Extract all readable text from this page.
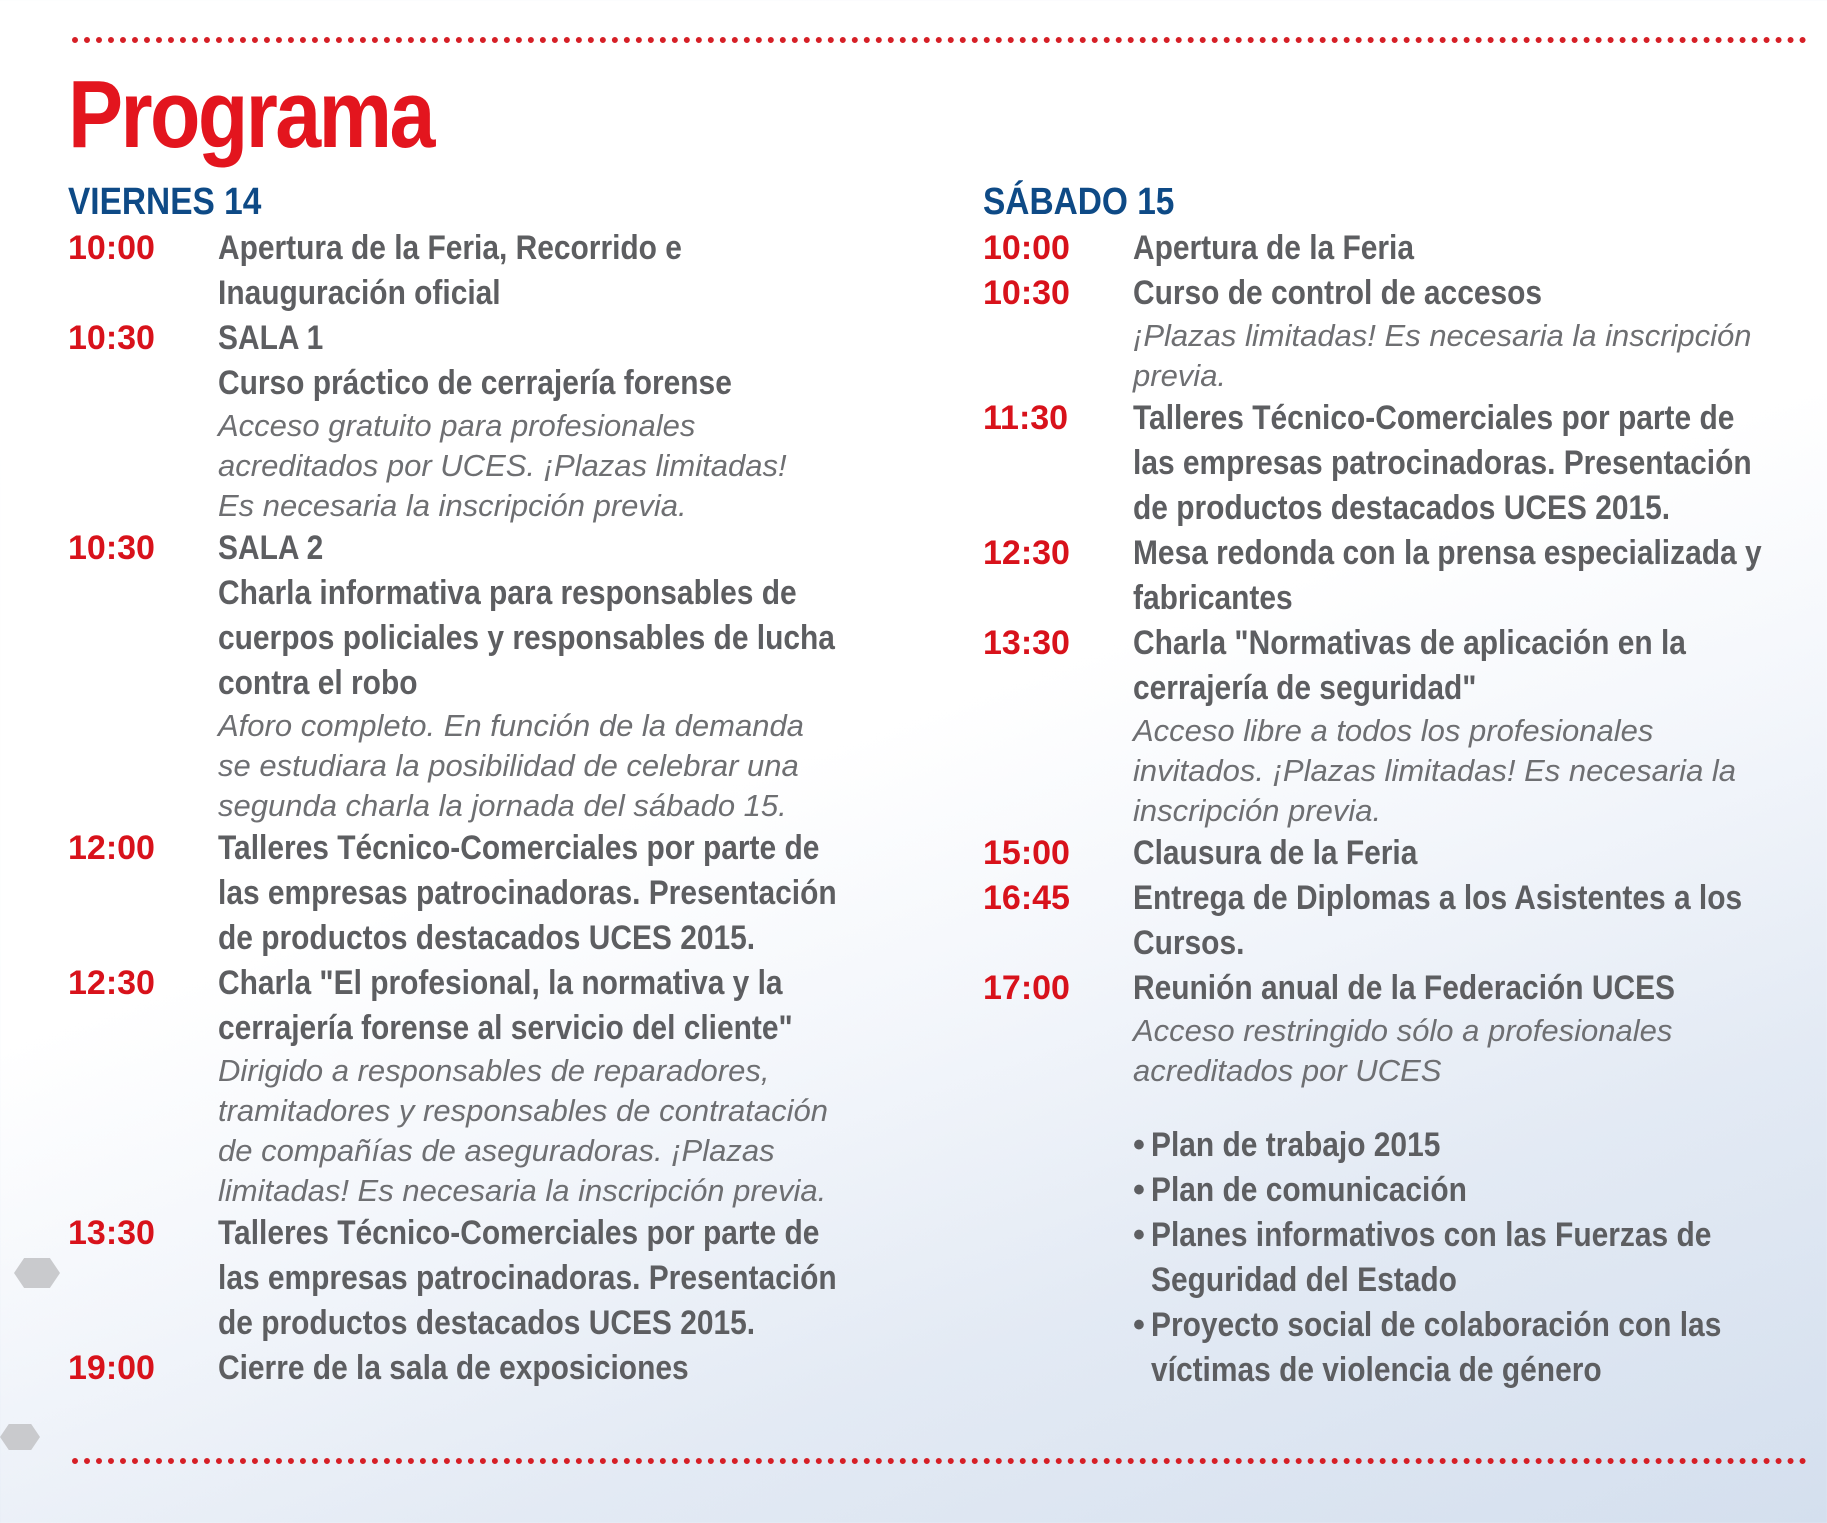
Programa
VIERNES 14
10:00	Apertura de la Feria, Recorrido e
Inauguración oficial
10:30	SALA 1
Curso práctico de cerrajería forense
Acceso gratuito para profesionales
acreditados por UCES. ¡Plazas limitadas!
Es necesaria la inscripción previa.
10:30	SALA 2
Charla informativa para responsables de
cuerpos policiales y responsables de lucha
contra el robo
Aforo completo. En función de la demanda
se estudiara la posibilidad de celebrar una
segunda charla la jornada del sábado 15.
12:00	Talleres Técnico-Comerciales por parte de
las empresas patrocinadoras. Presentación
de productos destacados UCES 2015.
12:30	Charla "El profesional, la normativa y la
cerrajería forense al servicio del cliente"
Dirigido a responsables de reparadores,
tramitadores y responsables de contratación
de compañías de aseguradoras. ¡Plazas
limitadas! Es necesaria la inscripción previa.
13:30	Talleres Técnico-Comerciales por parte de
las empresas patrocinadoras. Presentación
de productos destacados UCES 2015.
19:00	Cierre de la sala de exposiciones
SÁBADO 15
10:00	Apertura de la Feria
10:30	Curso de control de accesos
¡Plazas limitadas! Es necesaria la inscripción
previa.
11:30	Talleres Técnico-Comerciales por parte de
las empresas patrocinadoras. Presentación
de productos destacados UCES 2015.
12:30	Mesa redonda con la prensa especializada y
fabricantes
13:30	Charla "Normativas de aplicación en la
cerrajería de seguridad"
Acceso libre a todos los profesionales
invitados. ¡Plazas limitadas! Es necesaria la
inscripción previa.
15:00	Clausura de la Feria
16:45	Entrega de Diplomas a los Asistentes a los
Cursos.
17:00	Reunión anual de la Federación UCES
Acceso restringido sólo a profesionales
acreditados por UCES
• Plan de trabajo 2015
• Plan de comunicación
• Planes informativos con las Fuerzas de
Seguridad del Estado
• Proyecto social de colaboración con las
víctimas de violencia de género
